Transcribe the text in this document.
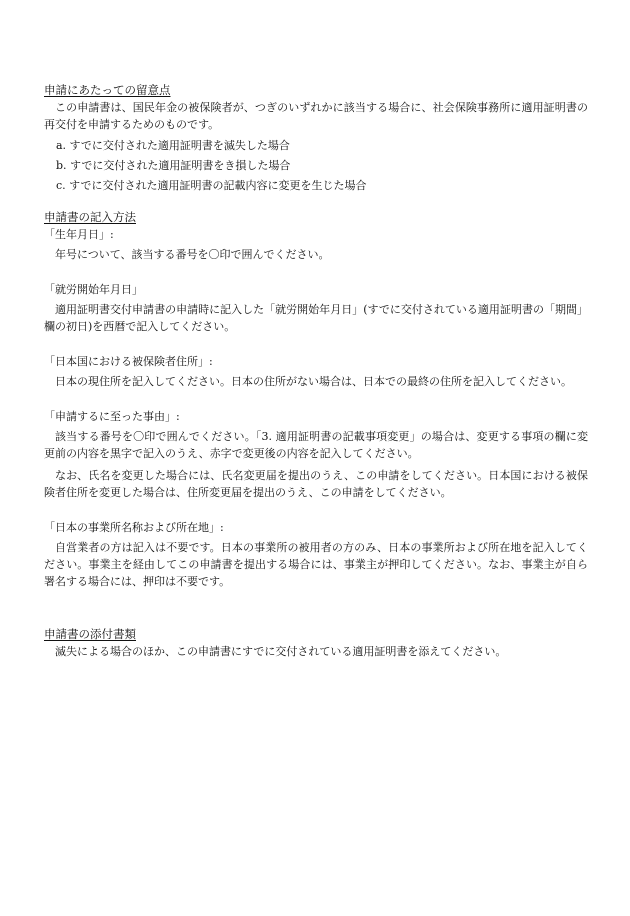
申請にあたっての留意点

この申請書は、国民年金の被保険者が、つぎのいずれかに該当する場合に、社会保険事務所に適用証明書の再交付を申請するためのものです。

a. すでに交付された適用証明書を滅失した場合
b. すでに交付された適用証明書をき損した場合
c. すでに交付された適用証明書の記載内容に変更を生じた場合
申請書の記入方法

「生年月日」:

年号について、該当する番号を〇印で囲んでください。

「就労開始年月日」

適用証明書交付申請書の申請時に記入した「就労開始年月日」(すでに交付されている適用証明書の「期間」欄の初日)を西暦で記入してください。

「日本国における被保険者住所」:

日本の現住所を記入してください。日本の住所がない場合は、日本での最終の住所を記入してください。

「申請するに至った事由」:

該当する番号を〇印で囲んでください。「3. 適用証明書の記載事項変更」の場合は、変更する事項の欄に変更前の内容を黒字で記入のうえ、赤字で変更後の内容を記入してください。

なお、氏名を変更した場合には、氏名変更届を提出のうえ、この申請をしてください。日本国における被保険者住所を変更した場合は、住所変更届を提出のうえ、この申請をしてください。

「日本の事業所名称および所在地」:

自営業者の方は記入は不要です。日本の事業所の被用者の方のみ、日本の事業所および所在地を記入してください。事業主を経由してこの申請書を提出する場合には、事業主が押印してください。なお、事業主が自ら署名する場合には、押印は不要です。

申請書の添付書類

滅失による場合のほか、この申請書にすでに交付されている適用証明書を添えてください。
